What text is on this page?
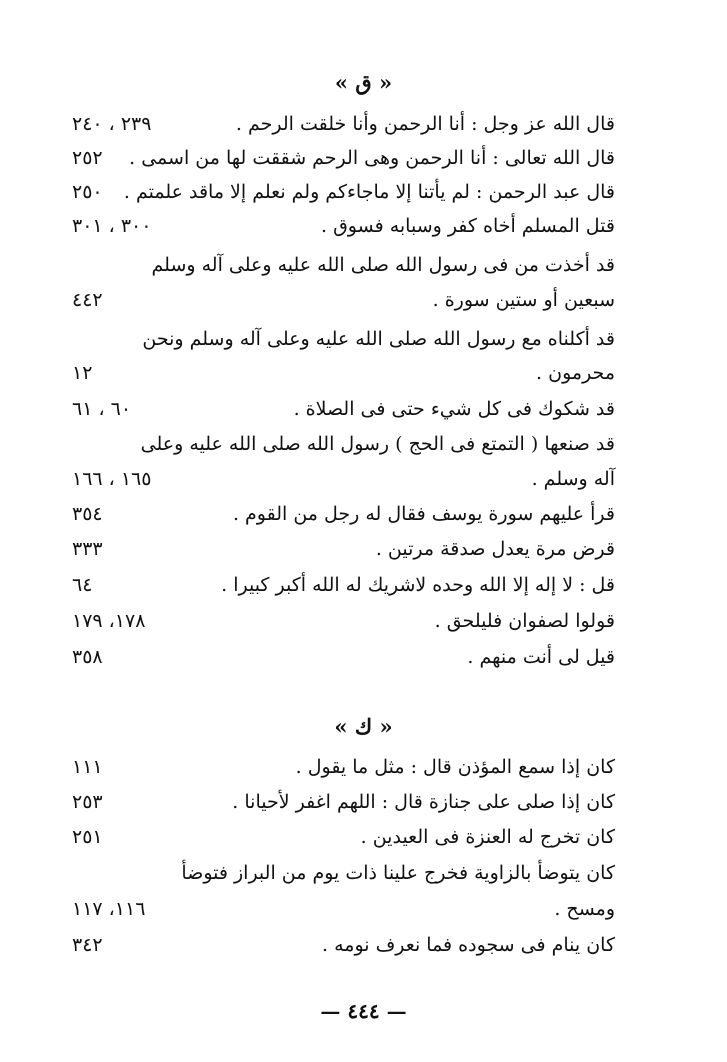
« ق »
قال الله عز وجل : أنا الرحمن وأنا خلقت الرحم .
٢٣٩ ، ٢٤٠
قال الله تعالى : أنا الرحمن وهى الرحم شققت لها من اسمى .
٢٥٢
قال عبد الرحمن : لم يأتنا إلا ماجاءكم ولم نعلم إلا ماقد علمتم .
٢٥٠
قتل المسلم أخاه كفر وسبابه فسوق .
٣٠٠ ، ٣٠١
قد أخذت من فى رسول الله صلى الله عليه وعلى آله وسلم
سبعين أو ستين سورة .
٤٤٢
قد أكلناه مع رسول الله صلى الله عليه وعلى آله وسلم ونحن
محرمون .
١٢
قد شكوك فى كل شيء حتى فى الصلاة .
٦٠ ، ٦١
قد صنعها ( التمتع فى الحج ) رسول الله صلى الله عليه وعلى
آله وسلم .
١٦٥ ، ١٦٦
قرأ عليهم سورة يوسف فقال له رجل من القوم .
٣٥٤
قرض مرة يعدل صدقة مرتين .
٣٣٣
قل : لا إله إلا الله وحده لاشريك له الله أكبر كبيرا .
٦٤
قولوا لصفوان فليلحق .
١٧٨، ١٧٩
قيل لى أنت منهم .
٣٥٨
« ك »
كان إذا سمع المؤذن قال : مثل ما يقول .
١١١
كان إذا صلى على جنازة قال : اللهم اغفر لأحيانا .
٢٥٣
كان تخرج له العنزة فى العيدين .
٢٥١
كان يتوضأ بالزاوية فخرج علينا ذات يوم من البراز فتوضأ
ومسح .
١١٦، ١١٧
كان ينام فى سجوده فما نعرف نومه .
٣٤٢
— ٤٤٤ —
